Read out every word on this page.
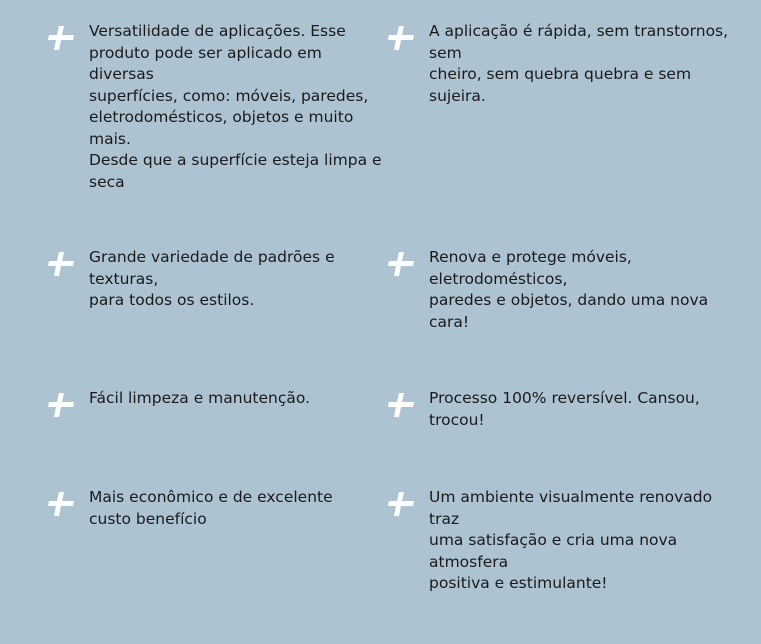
Versatilidade de aplicações. Esse
produto pode ser aplicado em
diversas
superfícies, como: móveis, paredes,
eletrodomésticos, objetos e muito
mais.
Desde que a superfície esteja limpa e
seca
A aplicação é rápida, sem transtornos,
sem
cheiro, sem quebra quebra e sem
sujeira.
Grande variedade de padrões e
texturas,
para todos os estilos.
Renova e protege móveis,
eletrodomésticos,
paredes e objetos, dando uma nova
cara!
Fácil limpeza e manutenção.	Processo 100% reversível. Cansou,
trocou!
Mais econômico e de excelente
custo benefício
Um ambiente visualmente renovado
traz
uma satisfação e cria uma nova
atmosfera
positiva e estimulante!
